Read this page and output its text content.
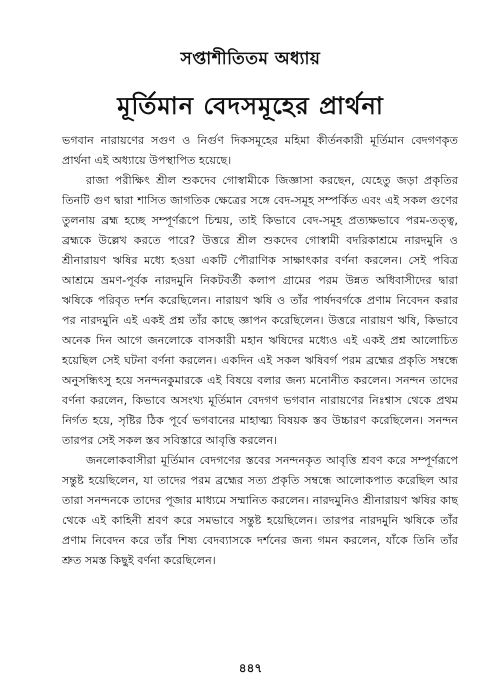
সপ্তাশীতিতম অধ্যায়
মূর্তিমান বেদসমূহের প্রার্থনা

ভগবান নারায়ণের সগুণ ও নির্গুণ দিকসমূহের মহিমা কীর্তনকারী মূর্তিমান বেদগণকৃত প্রার্থনা এই অধ্যায়ে উপস্থাপিত হয়েছে।

রাজা পরীক্ষিৎ শ্রীল শুকদেব গোস্বামীকে জিজ্ঞাসা করছেন, যেহেতু জড়া প্রকৃতির তিনটি গুণ দ্বারা শাসিত জাগতিক ক্ষেত্রের সঙ্গে বেদ-সমূহ সম্পর্কিত এবং এই সকল গুণের তুলনায় ব্রহ্ম হচ্ছে সম্পূর্ণরূপে চিন্ময়, তাই কিভাবে বেদ-সমূহ প্রত্যক্ষভাবে পরম-তত্ত্ব, ব্রহ্মকে উল্লেখ করতে পারে? উত্তরে শ্রীল শুকদেব গোস্বামী বদরিকাশ্রমে নারদমুনি ও শ্রীনারায়ণ ঋষির মধ্যে হওয়া একটি পৌরাণিক সাক্ষাৎকার বর্ণনা করলেন। সেই পবিত্র আশ্রমে ভ্রমণ-পূর্বক নারদমুনি নিকটবর্তী কলাপ গ্রামের পরম উন্নত অধিবাসীদের দ্বারা ঋষিকে পরিবৃত দর্শন করেছিলেন। নারায়ণ ঋষি ও তাঁর পার্ষদবর্গকে প্রণাম নিবেদন করার পর নারদমুনি এই একই প্রশ্ন তাঁর কাছে জ্ঞাপন করেছিলেন। উত্তরে নারায়ণ ঋষি, কিভাবে অনেক দিন আগে জনলোকে বাসকারী মহান ঋষিদের মধ্যেও এই একই প্রশ্ন আলোচিত হয়েছিল সেই ঘটনা বর্ণনা করলেন। একদিন এই সকল ঋষিবর্গ পরম ব্রহ্মের প্রকৃতি সম্বন্ধে অনুসন্ধিৎসু হয়ে সনন্দনকুমারকে এই বিষয়ে বলার জন্য মনোনীত করলেন। সনন্দন তাদের বর্ণনা করলেন, কিভাবে অসংখ্য মূর্তিমান বেদগণ ভগবান নারায়ণের নিঃশ্বাস থেকে প্রথম নির্গত হয়ে, সৃষ্টির ঠিক পূর্বে ভগবানের মাহাত্ম্য বিষয়ক স্তব উচ্চারণ করেছিলেন। সনন্দন তারপর সেই সকল স্তব সবিস্তারে আবৃত্তি করলেন।

জনলোকবাসীরা মূর্তিমান বেদগণের স্তবের সনন্দনকৃত আবৃত্তি শ্রবণ করে সম্পূর্ণরূপে সন্তুষ্ট হয়েছিলেন, যা তাদের পরম ব্রহ্মের সত্য প্রকৃতি সম্বন্ধে আলোকপাত করেছিল আর তারা সনন্দনকে তাদের পূজার মাধ্যমে সম্মানিত করলেন। নারদমুনিও শ্রীনারায়ণ ঋষির কাছ থেকে এই কাহিনী শ্রবণ করে সমভাবে সন্তুষ্ট হয়েছিলেন। তারপর নারদমুনি ঋষিকে তাঁর প্রণাম নিবেদন করে তাঁর শিষ্য বেদব্যাসকে দর্শনের জন্য গমন করলেন, যাঁকে তিনি তাঁর শ্রুত সমস্ত কিছুই বর্ণনা করেছিলেন।

৪৪৭
